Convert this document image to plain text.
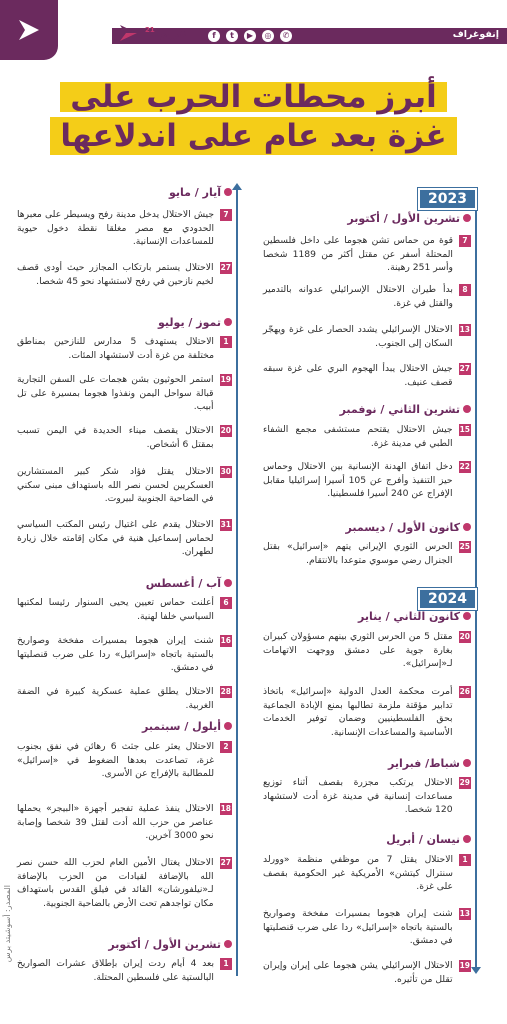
f	t	▶	◎	✆	إنفوغراف
عربي$^{21}$
أبرز محطات الحرب على
غزة بعد عام على اندلاعها
2023
تشرين الأول / أكتوبر
7
قوة من حماس تشن هجوما على داخل فلسطين المحتلة أسفر عن مقتل أكثر من 1189 شخصا وأسر 251 رهينة.
8
بدأ طيران الاحتلال الإسرائيلي عدوانه بالتدمير والقتل في غزة.
13
الاحتلال الإسرائيلي يشدد الحصار على غزة ويهجّر السكان إلى الجنوب.
27
جيش الاحتلال يبدأ الهجوم البري على غزة سبقه قصف عنيف.
تشرين الثاني / نوفمبر
15
جيش الاحتلال يقتحم مستشفى مجمع الشفاء الطبي في مدينة غزة.
22
دخل اتفاق الهدنة الإنسانية بين الاحتلال وحماس حيز التنفيذ وأفرج عن 105 أسيرا إسرائيليا مقابل الإفراج عن 240 أسيرا فلسطينيا.
كانون الأول / ديسمبر
25
الحرس الثوري الإيراني يتهم «إسرائيل» بقتل الجنرال رضي موسوي متوعدا بالانتقام.
2024
كانون الثاني / يناير
20
مقتل 5 من الحرس الثوري بينهم مسؤولان كبيران بغارة جوية على دمشق ووجهت الاتهامات لـ«إسرائيل».
26
أمرت محكمة العدل الدولية «إسرائيل» باتخاذ تدابير مؤقتة ملزمة تطالبها بمنع الإبادة الجماعية بحق الفلسطينيين وضمان توفير الخدمات الأساسية والمساعدات الإنسانية.
شباط/ فبراير
29
الاحتلال يرتكب مجزرة بقصف أثناء توزيع مساعدات إنسانية في مدينة غزة أدت لاستشهاد 120 شخصا.
نيسان / أبريل
1
الاحتلال يقتل 7 من موظفي منظمة «وورلد سنترال كيتشن» الأمريكية غير الحكومية بقصف على غزة.
13
شنت إيران هجوما بمسيرات مفخخة وصواريخ بالستية باتجاه «إسرائيل» ردا على ضرب قنصليتها في دمشق.
19
الاحتلال الإسرائيلي يشن هجوما على إيران وإيران تقلل من تأثيره.
آيار / مايو
7
جيش الاحتلال يدخل مدينة رفح ويسيطر على معبرها الحدودي مع مصر مغلقا نقطة دخول حيوية للمساعدات الإنسانية.
27
الاحتلال يستمر بارتكاب المجازر حيث أودى قصف لخيم نازحين في رفح لاستشهاد نحو 45 شخصا.
تموز / يوليو
1
الاحتلال يستهدف 5 مدارس للنازحين بمناطق مختلفة من غزة أدت لاستشهاد المئات.
19
استمر الحوثيون بشن هجمات على السفن التجارية قبالة سواحل اليمن ونفذوا هجوما بمسيرة على تل أبيب.
20
الاحتلال يقصف ميناء الحديدة في اليمن تسبب بمقتل 6 أشخاص.
30
الاحتلال يقتل فؤاد شكر كبير المستشارين العسكريين لحسن نصر الله باستهداف مبنى سكني في الضاحية الجنوبية لبيروت.
31
الاحتلال يقدم على اغتيال رئيس المكتب السياسي لحماس إسماعيل هنية في مكان إقامته خلال زيارة لطهران.
آب / أغسطس
6
أعلنت حماس تعيين يحيى السنوار رئيسا لمكتبها السياسي خلفا لهنية.
16
شنت إيران هجوما بمسيرات مفخخة وصواريخ بالستية باتجاه «إسرائيل» ردا على ضرب قنصليتها في دمشق.
28
الاحتلال يطلق عملية عسكرية كبيرة في الضفة الغربية.
أيلول / سبتمبر
2
الاحتلال يعثر على جثث 6 رهائن في نفق بجنوب غزة، تصاعدت بعدها الضغوط في «إسرائيل» للمطالبة بالإفراج عن الأسرى.
18
الاحتلال ينفذ عملية تفجير أجهزة «البيجر» يحملها عناصر من حزب الله أدت لقتل 39 شخصا وإصابة نحو 3000 آخرين.
27
الاحتلال يغتال الأمين العام لحزب الله حسن نصر الله بالإضافة لقيادات من الحزب بالإضافة لـ«نيلفورشان» القائد في فيلق القدس باستهداف مكان تواجدهم تحت الأرض بالضاحية الجنوبية.
تشرين الأول / أكتوبر
1
بعد 4 أيام ردت إيران بإطلاق عشرات الصواريخ البالستية على فلسطين المحتلة.
المصدر: أسوشيتد برس
